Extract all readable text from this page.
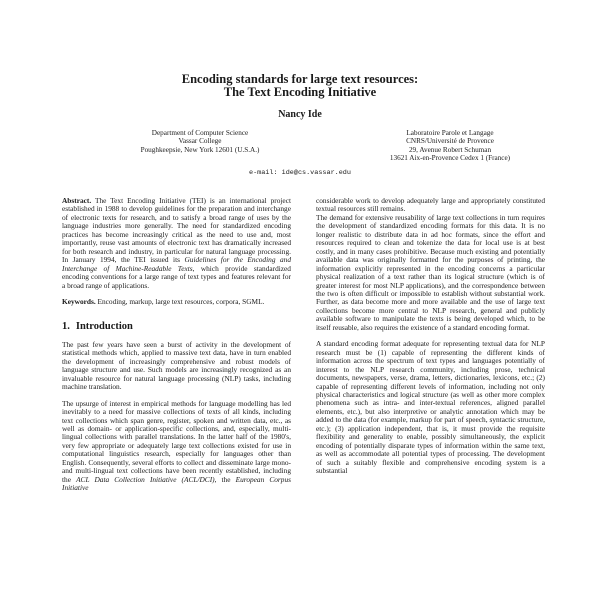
Encoding standards for large text resources:
The Text Encoding Initiative
Nancy Ide
Department of Computer Science
Vassar College
Poughkeepsie, New York 12601 (U.S.A.)
Laboratoire Parole et Langage
CNRS/Université de Provence
29, Avenue Robert Schuman
13621 Aix-en-Provence Cedex 1 (France)
e-mail: ide@cs.vassar.edu

Abstract. The Text Encoding Initiative (TEI) is an international project established in 1988 to develop guidelines for the preparation and interchange of electronic texts for research, and to satisfy a broad range of uses by the language industries more generally. The need for standardized encoding practices has become increasingly critical as the need to use and, most importantly, reuse vast amounts of electronic text has dramatically increased for both research and industry, in particular for natural language processing. In January 1994, the TEI issued its Guidelines for the Encoding and Interchange of Machine-Readable Texts, which provide standardized encoding conventions for a large range of text types and features relevant for a broad range of applications.

Keywords. Encoding, markup, large text resources, corpora, SGML.

1. Introduction

The past few years have seen a burst of activity in the development of statistical methods which, applied to massive text data, have in turn enabled the development of increasingly comprehensive and robust models of language structure and use. Such models are increasingly recognized as an invaluable resource for natural language processing (NLP) tasks, including machine translation.

The upsurge of interest in empirical methods for language modelling has led inevitably to a need for massive collections of texts of all kinds, including text collections which span genre, register, spoken and written data, etc., as well as domain- or application-specific collections, and, especially, multi-lingual collections with parallel translations. In the latter half of the 1980's, very few appropriate or adequately large text collections existed for use in computational linguistics research, especially for languages other than English. Consequently, several efforts to collect and disseminate large mono- and multi-lingual text collections have been recently established, including the ACL Data Collection Initiative (ACL/DCI), the European Corpus Initiative

considerable work to develop adequately large and appropriately constituted textual resources still remains.

The demand for extensive reusability of large text collections in turn requires the development of standardized encoding formats for this data. It is no longer realistic to distribute data in ad hoc formats, since the effort and resources required to clean and tokenize the data for local use is at best costly, and in many cases prohibitive. Because much existing and potentially available data was originally formatted for the purposes of printing, the information explicitly represented in the encoding concerns a particular physical realization of a text rather than its logical structure (which is of greater interest for most NLP applications), and the correspondence between the two is often difficult or impossible to establish without substantial work. Further, as data become more and more available and the use of large text collections become more central to NLP research, general and publicly available software to manipulate the texts is being developed which, to be itself reusable, also requires the existence of a standard encoding format.

A standard encoding format adequate for representing textual data for NLP research must be (1) capable of representing the different kinds of information across the spectrum of text types and languages potentially of interest to the NLP research community, including prose, technical documents, newspapers, verse, drama, letters, dictionaries, lexicons, etc.; (2) capable of representing different levels of information, including not only physical characteristics and logical structure (as well as other more complex phenomena such as intra- and inter-textual references, aligned parallel elements, etc.), but also interpretive or analytic annotation which may be added to the data (for example, markup for part of speech, syntactic structure, etc.); (3) application independent, that is, it must provide the requisite flexibility and generality to enable, possibly simultaneously, the explicit encoding of potentially disparate types of information within the same text, as well as accommodate all potential types of processing. The development of such a suitably flexible and comprehensive encoding system is a substantial
